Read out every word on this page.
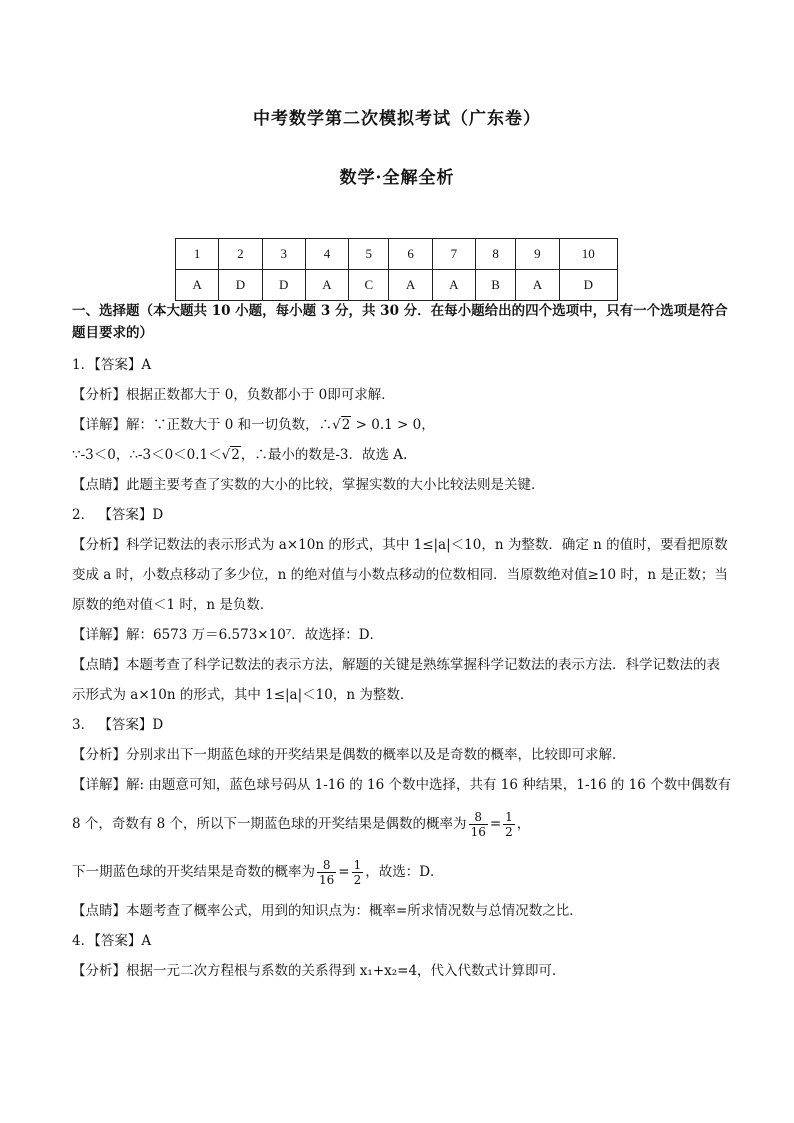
中考数学第二次模拟考试（广东卷）
数学·全解全析
1	2	3	4	5	6	7	8	9	10
A	D	D	A	C	A	A	B	A	D

一、选择题（本大题共 10 小题，每小题 3 分，共 30 分．在每小题给出的四个选项中，只有一个选项是符合题目要求的）

1．【答案】A

【分析】根据正数都大于 0，负数都小于 0即可求解．

【详解】解：∵正数大于 0 和一切负数，∴√2 > 0.1 > 0，

∵-3＜0，∴-3＜0＜0.1＜√2，∴最小的数是-3．故选 A.

【点睛】此题主要考查了实数的大小的比较，掌握实数的大小比较法则是关键．

2． 【答案】D

【分析】科学记数法的表示形式为 a×10n 的形式，其中 1≤|a|＜10，n 为整数．确定 n 的值时，要看把原数变成 a 时，小数点移动了多少位，n 的绝对值与小数点移动的位数相同．当原数绝对值≥10 时，n 是正数；当原数的绝对值＜1 时，n 是负数．

【详解】解：6573 万＝6.573×10⁷．故选择：D．

【点睛】本题考查了科学记数法的表示方法，解题的关键是熟练掌握科学记数法的表示方法．科学记数法的表示形式为 a×10n 的形式，其中 1≤|a|＜10，n 为整数．

3． 【答案】D

【分析】分别求出下一期蓝色球的开奖结果是偶数的概率以及是奇数的概率，比较即可求解．

【详解】解: 由题意可知，蓝色球号码从 1-16 的 16 个数中选择，共有 16 种结果，1-16 的 16 个数中偶数有

8 个，奇数有 8 个，所以下一期蓝色球的开奖结果是偶数的概率为 $\frac{8}{16} = \frac{1}{2}$ ，

下一期蓝色球的开奖结果是奇数的概率为 $\frac{8}{16} = \frac{1}{2}$ ，故选：D．

【点睛】本题考查了概率公式，用到的知识点为：概率=所求情况数与总情况数之比．

4．【答案】A

【分析】根据一元二次方程根与系数的关系得到 x₁+x₂=4，代入代数式计算即可．
